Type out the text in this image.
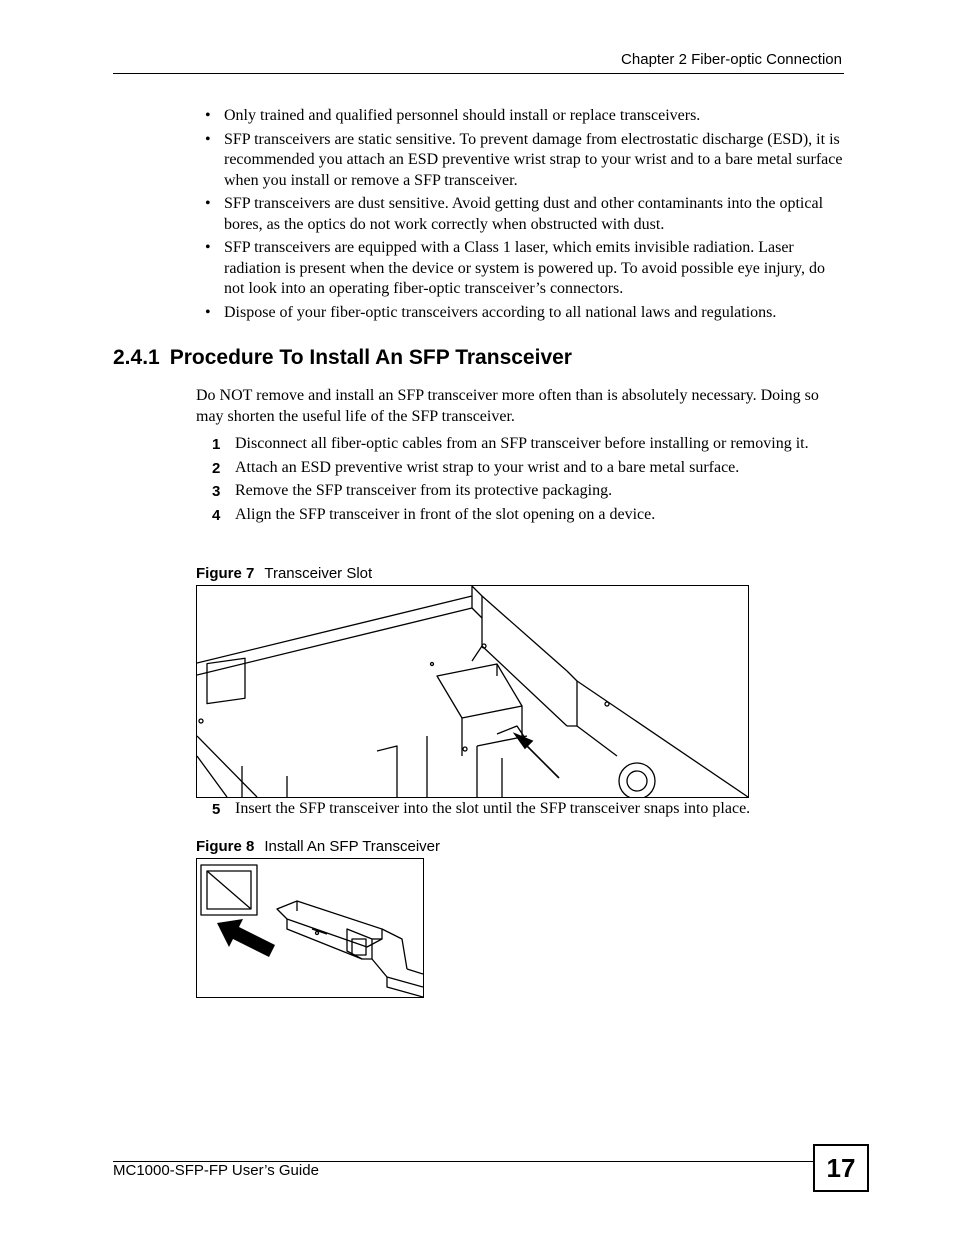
Chapter 2 Fiber-optic Connection
• Only trained and qualified personnel should install or replace transceivers.
• SFP transceivers are static sensitive. To prevent damage from electrostatic discharge (ESD), it is recommended you attach an ESD preventive wrist strap to your wrist and to a bare metal surface when you install or remove a SFP transceiver.
• SFP transceivers are dust sensitive. Avoid getting dust and other contaminants into the optical bores, as the optics do not work correctly when obstructed with dust.
• SFP transceivers are equipped with a Class 1 laser, which emits invisible radiation. Laser radiation is present when the device or system is powered up. To avoid possible eye injury, do not look into an operating fiber-optic transceiver’s connectors.
• Dispose of your fiber-optic transceivers according to all national laws and regulations.
2.4.1 Procedure To Install An SFP Transceiver

Do NOT remove and install an SFP transceiver more often than is absolutely necessary. Doing so may shorten the useful life of the SFP transceiver.

1 Disconnect all fiber-optic cables from an SFP transceiver before installing or removing it.
2 Attach an ESD preventive wrist strap to your wrist and to a bare metal surface.
3 Remove the SFP transceiver from its protective packaging.
4 Align the SFP transceiver in front of the slot opening on a device.
Figure 7 Transceiver Slot
5 Insert the SFP transceiver into the slot until the SFP transceiver snaps into place.
Figure 8 Install An SFP Transceiver
MC1000-SFP-FP User’s Guide	17
